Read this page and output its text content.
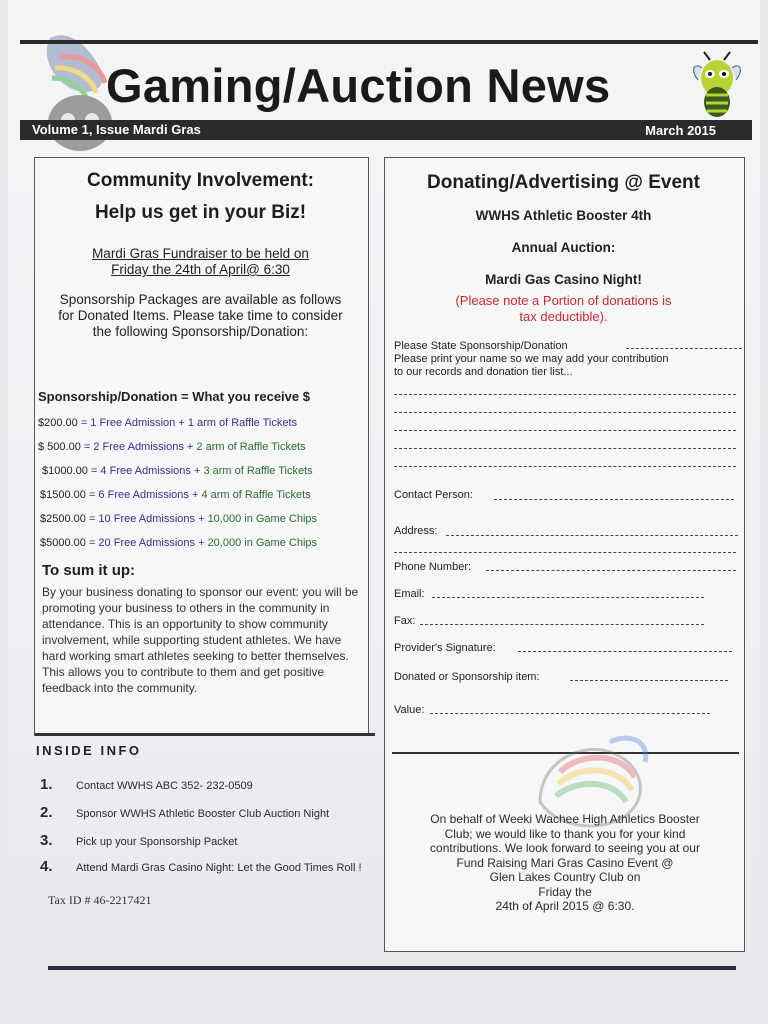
Gaming/Auction News
Volume 1, Issue Mardi Gras	March 2015
Community Involvement:
Help us get in your Biz!
Mardi Gras Fundraiser to be held on
Friday the 24th of April@ 6:30
Sponsorship Packages are available as follows
for Donated Items. Please take time to consider
the following Sponsorship/Donation:
Sponsorship/Donation = What you receive $
$200.00 = 1 Free Admission + 1 arm of Raffle Tickets
$ 500.00 = 2 Free Admissions + 2 arm of Raffle Tickets
$1000.00 = 4 Free Admissions + 3 arm of Raffle Tickets
$1500.00 = 6 Free Admissions + 4 arm of Raffle Tickets
$2500.00 = 10 Free Admissions + 10,000 in Game Chips
$5000.00 = 20 Free Admissions + 20,000 in Game Chips
To sum it up:
By your business donating to sponsor our event: you will be promoting your business to others in the community in attendance. This is an opportunity to show community involvement, while supporting student athletes. We have hard working smart athletes seeking to better themselves. This allows you to contribute to them and get positive feedback into the community.
INSIDE INFO
1. Contact WWHS ABC 352- 232-0509
2. Sponsor WWHS Athletic Booster Club Auction Night
3. Pick up your Sponsorship Packet
4. Attend Mardi Gras Casino Night: Let the Good Times Roll !
Tax ID # 46-2217421
Donating/Advertising @ Event
WWHS Athletic Booster 4th
Annual Auction:
Mardi Gas Casino Night!
(Please note a Portion of donations is
tax deductible).
Please State Sponsorship/Donation
Please print your name so we may add your contribution
to our records and donation tier list...
Contact Person:
Address:
Phone Number:
Email:
Fax:
Provider's Signature:
Donated or Sponsorship item:
Value:
On behalf of Weeki Wachee High Athletics Booster
Club; we would like to thank you for your kind
contributions. We look forward to seeing you at our
Fund Raising Mari Gras Casino Event @
Glen Lakes Country Club on
Friday the
24th of April 2015 @ 6:30.
